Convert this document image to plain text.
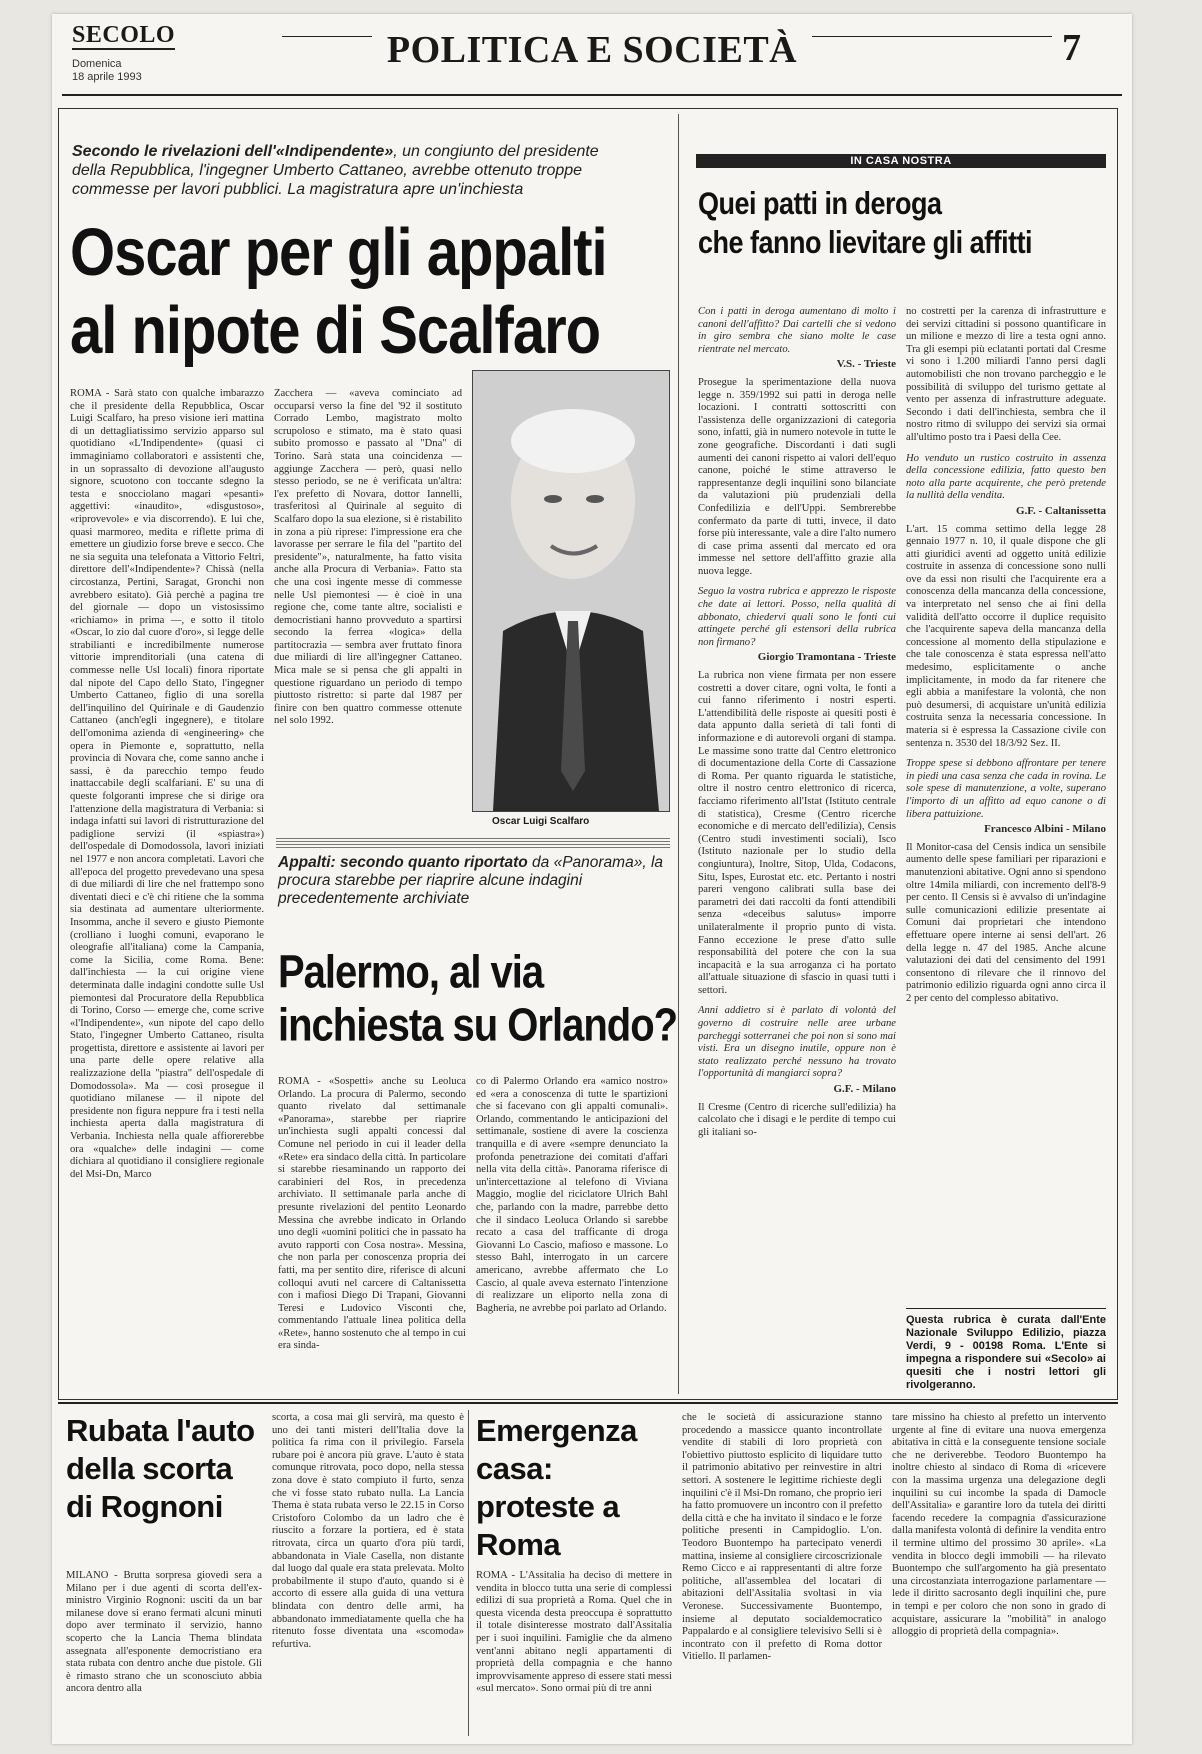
SECOLO
Domenica
18 aprile 1993
POLITICA E SOCIETÀ	7
Secondo le rivelazioni dell'«Indipendente», un congiunto del presidente della Repubblica, l'ingegner Umberto Cattaneo, avrebbe ottenuto troppe commesse per lavori pubblici. La magistratura apre un'inchiesta
Oscar per gli appalti
al nipote di Scalfaro

ROMA - Sarà stato con qualche imbarazzo che il presidente della Repubblica, Oscar Luigi Scalfaro, ha preso visione ieri mattina di un dettagliatissimo servizio apparso sul quotidiano «L'Indipendente» (quasi ci immaginiamo collaboratori e assistenti che, in un soprassalto di devozione all'augusto signore, scuotono con toccante sdegno la testa e snocciolano magari «pesanti» aggettivi: «inaudito», «disgustoso», «riprovevole» e via discorrendo). E lui che, quasi marmoreo, medita e riflette prima di emettere un giudizio forse breve e secco. Che ne sia seguita una telefonata a Vittorio Feltri, direttore dell'«Indipendente»? Chissà (nella circostanza, Pertini, Saragat, Gronchi non avrebbero esitato). Già perchè a pagina tre del giornale — dopo un vistosissimo «richiamo» in prima —, e sotto il titolo «Oscar, lo zio dal cuore d'oro», si legge delle strabilianti e incredibilmente numerose vittorie imprenditoriali (una catena di commesse nelle Usl locali) finora riportate dal nipote del Capo dello Stato, l'ingegner Umberto Cattaneo, figlio di una sorella dell'inquilino del Quirinale e di Gaudenzio Cattaneo (anch'egli ingegnere), e titolare dell'omonima azienda di «engineering» che opera in Piemonte e, soprattutto, nella provincia di Novara che, come sanno anche i sassi, è da parecchio tempo feudo inattaccabile degli scalfariani. E' su una di queste folgoranti imprese che si dirige ora l'attenzione della magistratura di Verbania: si indaga infatti sui lavori di ristrutturazione del padiglione servizi (il «spiastra») dell'ospedale di Domodossola, lavori iniziati nel 1977 e non ancora completati. Lavori che all'epoca del progetto prevedevano una spesa di due miliardi di lire che nel frattempo sono diventati dieci e c'è chi ritiene che la somma sia destinata ad aumentare ulteriormente. Insomma, anche il severo e giusto Piemonte (crolliano i luoghi comuni, evaporano le oleografie all'italiana) come la Campania, come la Sicilia, come Roma. Bene: dall'inchiesta — la cui origine viene determinata dalle indagini condotte sulle Usl piemontesi dal Procuratore della Repubblica di Torino, Corso — emerge che, come scrive «l'Indipendente», «un nipote del capo dello Stato, l'ingegner Umberto Cattaneo, risulta progettista, direttore e assistente ai lavori per una parte delle opere relative alla realizzazione della "piastra" dell'ospedale di Domodossola». Ma — così prosegue il quotidiano milanese — il nipote del presidente non figura neppure fra i testi nella inchiesta aperta dalla magistratura di Verbania. Inchiesta nella quale affiorerebbe ora «qualche» delle indagini — come dichiara al quotidiano il consigliere regionale del Msi-Dn, Marco

Zacchera — «aveva cominciato ad occuparsi verso la fine del '92 il sostituto Corrado Lembo, magistrato molto scrupoloso e stimato, ma è stato quasi subito promosso e passato al "Dna" di Torino. Sarà stata una coincidenza — aggiunge Zacchera — però, quasi nello stesso periodo, se ne è verificata un'altra: l'ex prefetto di Novara, dottor Iannelli, trasferitosi al Quirinale al seguito di Scalfaro dopo la sua elezione, si è ristabilito in zona a più riprese: l'impressione era che lavorasse per serrare le fila del "partito del presidente"», naturalmente, ha fatto visita anche alla Procura di Verbania». Fatto sta che una così ingente messe di commesse nelle Usl piemontesi — è cioè in una regione che, come tante altre, socialisti e democristiani hanno provveduto a spartirsi secondo la ferrea «logica» della partitocrazia — sembra aver fruttato finora due miliardi di lire all'ingegner Cattaneo. Mica male se si pensa che gli appalti in questione riguardano un periodo di tempo piuttosto ristretto: si parte dal 1987 per finire con ben quattro commesse ottenute nel solo 1992.

Oscar Luigi Scalfaro
Appalti: secondo quanto riportato da «Panorama», la procura starebbe per riaprire alcune indagini precedentemente archiviate
Palermo, al via
inchiesta su Orlando?

ROMA - «Sospetti» anche su Leoluca Orlando. La procura di Palermo, secondo quanto rivelato dal settimanale «Panorama», starebbe per riaprire un'inchiesta sugli appalti concessi dal Comune nel periodo in cui il leader della «Rete» era sindaco della città. In particolare si starebbe riesaminando un rapporto dei carabinieri del Ros, in precedenza archiviato. Il settimanale parla anche di presunte rivelazioni del pentito Leonardo Messina che avrebbe indicato in Orlando uno degli «uomini politici che in passato ha avuto rapporti con Cosa nostra». Messina, che non parla per conoscenza propria dei fatti, ma per sentito dire, riferisce di alcuni colloqui avuti nel carcere di Caltanissetta con i mafiosi Diego Di Trapani, Giovanni Teresi e Ludovico Visconti che, commentando l'attuale linea politica della «Rete», hanno sostenuto che al tempo in cui era sinda-

co di Palermo Orlando era «amico nostro» ed «era a conoscenza di tutte le spartizioni che si facevano con gli appalti comunali». Orlando, commentando le anticipazioni del settimanale, sostiene di avere la coscienza tranquilla e di avere «sempre denunciato la profonda penetrazione dei comitati d'affari nella vita della città». Panorama riferisce di un'intercettazione al telefono di Viviana Maggio, moglie del riciclatore Ulrich Bahl che, parlando con la madre, parrebbe detto che il sindaco Leoluca Orlando si sarebbe recato a casa del trafficante di droga Giovanni Lo Cascio, mafioso e massone. Lo stesso Bahl, interrogato in un carcere americano, avrebbe affermato che Lo Cascio, al quale aveva esternato l'intenzione di realizzare un eliporto nella zona di Bagheria, ne avrebbe poi parlato ad Orlando.

IN CASA NOSTRA
Quei patti in deroga
che fanno lievitare gli affitti

Con i patti in deroga aumentano di molto i canoni dell'affitto? Dai cartelli che si vedono in giro sembra che siano molte le case rientrate nel mercato.

V.S. - Trieste

Prosegue la sperimentazione della nuova legge n. 359/1992 sui patti in deroga nelle locazioni. I contratti sottoscritti con l'assistenza delle organizzazioni di categoria sono, infatti, già in numero notevole in tutte le zone geografiche. Discordanti i dati sugli aumenti dei canoni rispetto ai valori dell'equo canone, poiché le stime attraverso le rappresentanze degli inquilini sono bilanciate da valutazioni più prudenziali della Confedilizia e dell'Uppi. Sembrerebbe confermato da parte di tutti, invece, il dato forse più interessante, vale a dire l'alto numero di case prima assenti dal mercato ed ora immesse nel settore dell'affitto grazie alla nuova legge.

Seguo la vostra rubrica e apprezzo le risposte che date ai lettori. Posso, nella qualità di abbonato, chiedervi quali sono le fonti cui attingete perché gli estensori della rubrica non firmano?

Giorgio Tramontana - Trieste

La rubrica non viene firmata per non essere costretti a dover citare, ogni volta, le fonti a cui fanno riferimento i nostri esperti. L'attendibilità delle risposte ai quesiti posti è data appunto dalla serietà di tali fonti di informazione e di autorevoli organi di stampa. Le massime sono tratte dal Centro elettronico di documentazione della Corte di Cassazione di Roma. Per quanto riguarda le statistiche, oltre il nostro centro elettronico di ricerca, facciamo riferimento all'Istat (Istituto centrale di statistica), Cresme (Centro ricerche economiche e di mercato dell'edilizia), Censis (Centro studi investimenti sociali), Isco (Istituto nazionale per lo studio della congiuntura), Inoltre, Sitop, Ulda, Codacons, Situ, Ispes, Eurostat etc. etc. Pertanto i nostri pareri vengono calibrati sulla base dei parametri dei dati raccolti da fonti attendibili senza «deceibus salutus» imporre unilateralmente il proprio punto di vista. Fanno eccezione le prese d'atto sulle responsabilità del potere che con la sua incapacità e la sua arroganza ci ha portato all'attuale situazione di sfascio in quasi tutti i settori.

Anni addietro si è parlato di volontà del governo di costruire nelle aree urbane parcheggi sotterranei che poi non si sono mai visti. Era un disegno inutile, oppure non è stato realizzato perché nessuno ha trovato l'opportunità di mangiarci sopra?

G.F. - Milano

Il Cresme (Centro di ricerche sull'edilizia) ha calcolato che i disagi e le perdite di tempo cui gli italiani so-

no costretti per la carenza di infrastrutture e dei servizi cittadini si possono quantificare in un milione e mezzo di lire a testa ogni anno. Tra gli esempi più eclatanti portati dal Cresme vi sono i 1.200 miliardi l'anno persi dagli automobilisti che non trovano parcheggio e le possibilità di sviluppo del turismo gettate al vento per assenza di infrastrutture adeguate. Secondo i dati dell'inchiesta, sembra che il nostro ritmo di sviluppo dei servizi sia ormai all'ultimo posto tra i Paesi della Cee.

Ho venduto un rustico costruito in assenza della concessione edilizia, fatto questo ben noto alla parte acquirente, che però pretende la nullità della vendita.

G.F. - Caltanissetta

L'art. 15 comma settimo della legge 28 gennaio 1977 n. 10, il quale dispone che gli atti giuridici aventi ad oggetto unità edilizie costruite in assenza di concessione sono nulli ove da essi non risulti che l'acquirente era a conoscenza della mancanza della concessione, va interpretato nel senso che ai fini della validità dell'atto occorre il duplice requisito che l'acquirente sapeva della mancanza della concessione al momento della stipulazione e che tale conoscenza è stata espressa nell'atto medesimo, esplicitamente o anche implicitamente, in modo da far ritenere che egli abbia a manifestare la volontà, che non può desumersi, di acquistare un'unità edilizia costruita senza la necessaria concessione. In materia si è espressa la Cassazione civile con sentenza n. 3530 del 18/3/92 Sez. II.

Troppe spese si debbono affrontare per tenere in piedi una casa senza che cada in rovina. Le sole spese di manutenzione, a volte, superano l'importo di un affitto ad equo canone o di libera pattuizione.

Francesco Albini - Milano

Il Monitor-casa del Censis indica un sensibile aumento delle spese familiari per riparazioni e manutenzioni abitative. Ogni anno si spendono oltre 14mila miliardi, con incremento dell'8-9 per cento. Il Censis si è avvalso di un'indagine sulle comunicazioni edilizie presentate ai Comuni dai proprietari che intendono effettuare opere interne ai sensi dell'art. 26 della legge n. 47 del 1985. Anche alcune valutazioni dei dati del censimento del 1991 consentono di rilevare che il rinnovo del patrimonio edilizio riguarda ogni anno circa il 2 per cento del complesso abitativo.

Questa rubrica è curata dall'Ente Nazionale Sviluppo Edilizio, piazza Verdi, 9 - 00198 Roma. L'Ente si impegna a rispondere sui «Secolo» ai quesiti che i nostri lettori gli rivolgeranno.
Rubata l'auto della scorta di Rognoni

MILANO - Brutta sorpresa giovedì sera a Milano per i due agenti di scorta dell'ex-ministro Virginio Rognoni: usciti da un bar milanese dove si erano fermati alcuni minuti dopo aver terminato il servizio, hanno scoperto che la Lancia Thema blindata assegnata all'esponente democristiano era stata rubata con dentro anche due pistole. Gli è rimasto strano che un sconosciuto abbia ancora dentro alla

scorta, a cosa mai gli servirà, ma questo è uno dei tanti misteri dell'Italia dove la politica fa rima con il privilegio. Farsela rubare poi è ancora più grave. L'auto è stata comunque ritrovata, poco dopo, nella stessa zona dove è stato compiuto il furto, senza che vi fosse stato rubato nulla. La Lancia Thema è stata rubata verso le 22.15 in Corso Cristoforo Colombo da un ladro che è riuscito a forzare la portiera, ed è stata ritrovata, circa un quarto d'ora più tardi, abbandonata in Viale Casella, non distante dal luogo dal quale era stata prelevata. Molto probabilmente il stupo d'auto, quando si è accorto di essere alla guida di una vettura blindata con dentro delle armi, ha abbandonato immediatamente quella che ha ritenuto fosse diventata una «scomoda» refurtiva.

Emergenza casa: proteste a Roma

ROMA - L'Assitalia ha deciso di mettere in vendita in blocco tutta una serie di complessi edilizi di sua proprietà a Roma. Quel che in questa vicenda desta preoccupa è soprattutto il totale disinteresse mostrato dall'Assitalia per i suoi inquilini. Famiglie che da almeno vent'anni abitano negli appartamenti di proprietà della compagnia e che hanno improvvisamente appreso di essere stati messi «sul mercato». Sono ormai più di tre anni

che le società di assicurazione stanno procedendo a massicce quanto incontrollate vendite di stabili di loro proprietà con l'obiettivo piuttosto esplicito di liquidare tutto il patrimonio abitativo per reinvestire in altri settori. A sostenere le legittime richieste degli inquilini c'è il Msi-Dn romano, che proprio ieri ha fatto promuovere un incontro con il prefetto della città e che ha invitato il sindaco e le forze politiche presenti in Campidoglio. L'on. Teodoro Buontempo ha partecipato venerdì mattina, insieme al consigliere circoscrizionale Remo Cicco e ai rappresentanti di altre forze politiche, all'assemblea del locatari di abitazioni dell'Assitalia svoltasi in via Veronese. Successivamente Buontempo, insieme al deputato socialdemocratico Pappalardo e al consigliere televisivo Selli si è incontrato con il prefetto di Roma dottor Vitiello. Il parlamen-

tare missino ha chiesto al prefetto un intervento urgente al fine di evitare una nuova emergenza abitativa in città e la conseguente tensione sociale che ne deriverebbe. Teodoro Buontempo ha inoltre chiesto al sindaco di Roma di «ricevere con la massima urgenza una delegazione degli inquilini su cui incombe la spada di Damocle dell'Assitalia» e garantire loro da tutela dei diritti facendo recedere la compagnia d'assicurazione dalla manifesta volontà di definire la vendita entro il termine ultimo del prossimo 30 aprile». «La vendita in blocco degli immobili — ha rilevato Buontempo che sull'argomento ha già presentato una circostanziata interrogazione parlamentare — lede il diritto sacrosanto degli inquilini che, pure in tempi e per coloro che non sono in grado di acquistare, assicurare la "mobilità" in analogo alloggio di proprietà della compagnia».
